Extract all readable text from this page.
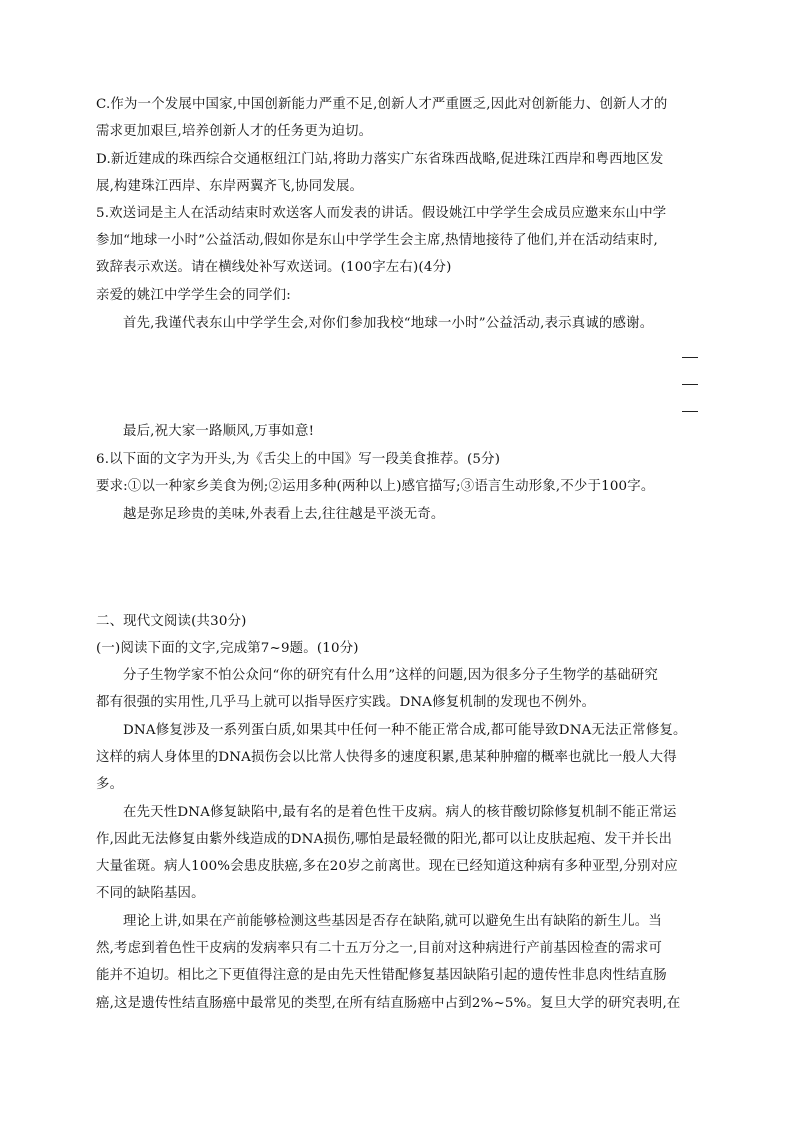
C.作为一个发展中国家,中国创新能力严重不足,创新人才严重匮乏,因此对创新能力、创新人才的
需求更加艰巨,培养创新人才的任务更为迫切。
D.新近建成的珠西综合交通枢纽江门站,将助力落实广东省珠西战略,促进珠江西岸和粤西地区发
展,构建珠江西岸、东岸两翼齐飞,协同发展。
5.欢送词是主人在活动结束时欢送客人而发表的讲话。假设姚江中学学生会成员应邀来东山中学
参加“地球一小时”公益活动,假如你是东山中学学生会主席,热情地接待了他们,并在活动结束时,
致辞表示欢送。请在横线处补写欢送词。(100字左右)(4分)
亲爱的姚江中学学生会的同学们:
首先,我谨代表东山中学学生会,对你们参加我校“地球一小时”公益活动,表示真诚的感谢。
最后,祝大家一路顺风,万事如意!
6.以下面的文字为开头,为《舌尖上的中国》写一段美食推荐。(5分)
要求:①以一种家乡美食为例;②运用多种(两种以上)感官描写;③语言生动形象,不少于100字。
越是弥足珍贵的美味,外表看上去,往往越是平淡无奇。
二、现代文阅读(共30分)
(一)阅读下面的文字,完成第7~9题。(10分)
分子生物学家不怕公众问“你的研究有什么用”这样的问题,因为很多分子生物学的基础研究
都有很强的实用性,几乎马上就可以指导医疗实践。DNA修复机制的发现也不例外。
DNA修复涉及一系列蛋白质,如果其中任何一种不能正常合成,都可能导致DNA无法正常修复。
这样的病人身体里的DNA损伤会以比常人快得多的速度积累,患某种肿瘤的概率也就比一般人大得
多。
在先天性DNA修复缺陷中,最有名的是着色性干皮病。病人的核苷酸切除修复机制不能正常运
作,因此无法修复由紫外线造成的DNA损伤,哪怕是最轻微的阳光,都可以让皮肤起疱、发干并长出
大量雀斑。病人100%会患皮肤癌,多在20岁之前离世。现在已经知道这种病有多种亚型,分别对应
不同的缺陷基因。
理论上讲,如果在产前能够检测这些基因是否存在缺陷,就可以避免生出有缺陷的新生儿。当
然,考虑到着色性干皮病的发病率只有二十五万分之一,目前对这种病进行产前基因检查的需求可
能并不迫切。相比之下更值得注意的是由先天性错配修复基因缺陷引起的遗传性非息肉性结直肠
癌,这是遗传性结直肠癌中最常见的类型,在所有结直肠癌中占到2%~5%。复旦大学的研究表明,在
